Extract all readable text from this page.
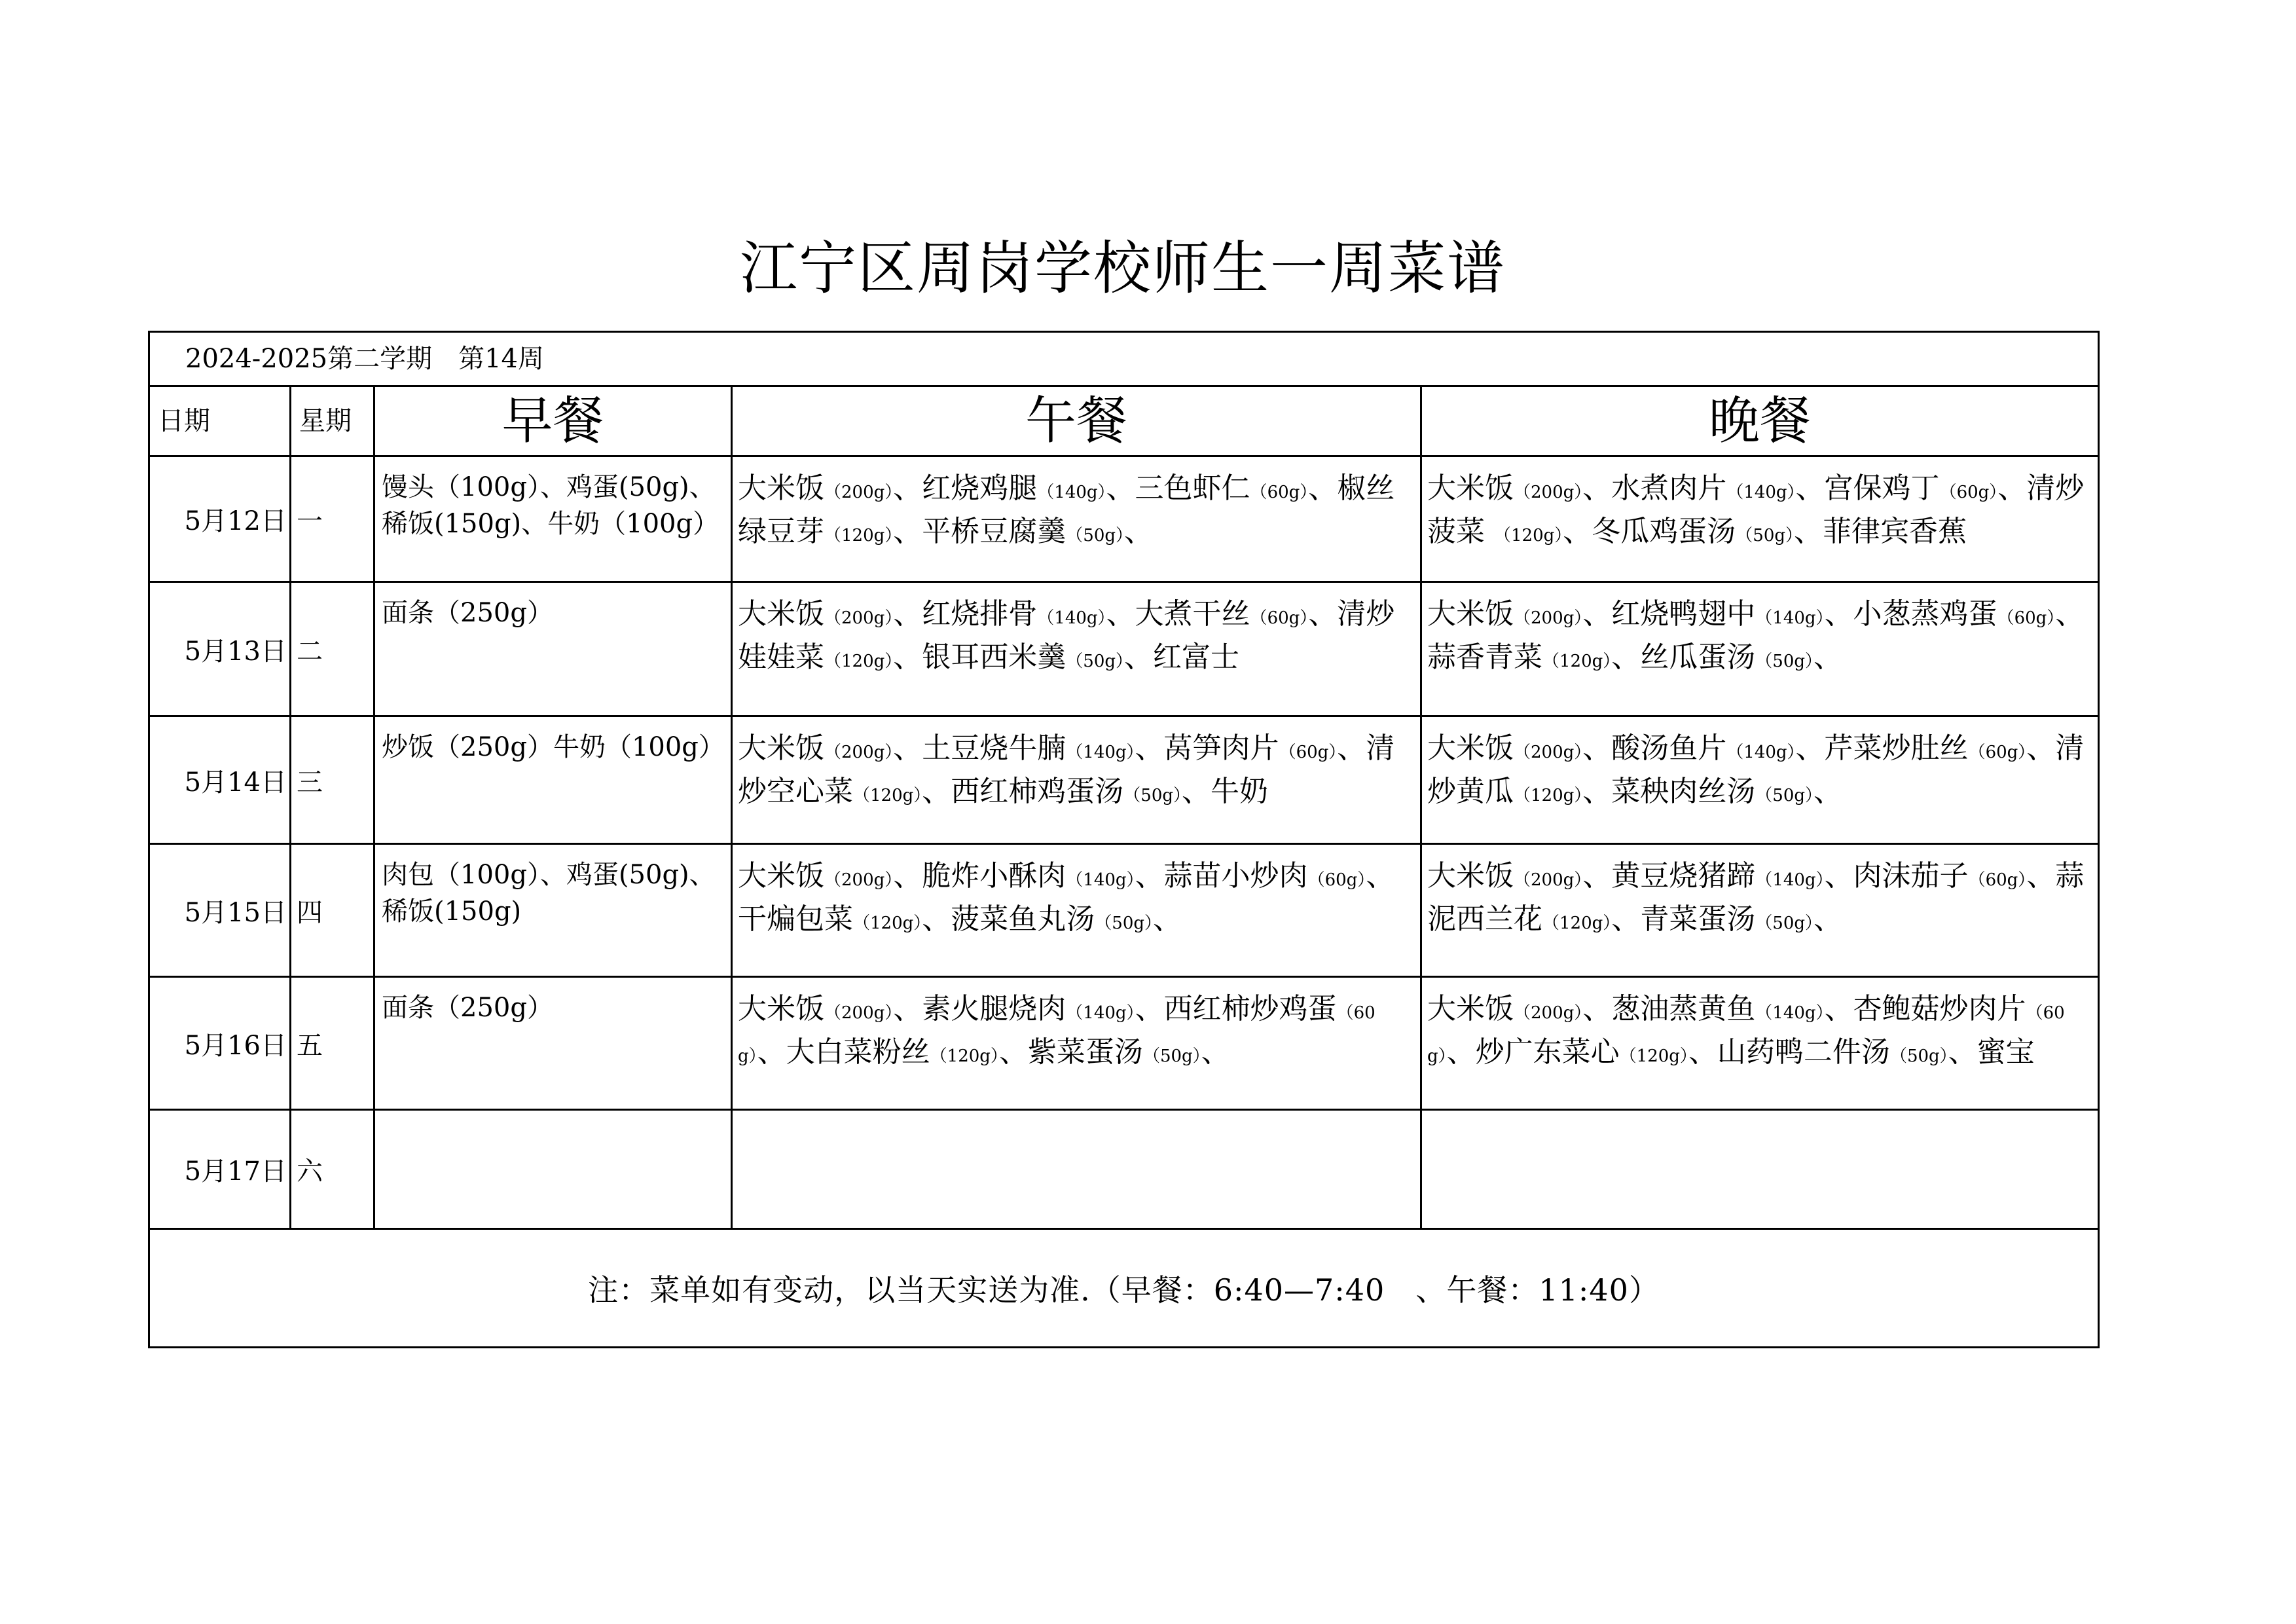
江宁区周岗学校师生一周菜谱
2024-2025第二学期　第14周				
日期	星期	早餐	午餐	晚餐
5月12日	一	馒头（100g）、鸡蛋(50g)、稀饭(150g)、牛奶（100g）	大米饭（200g）、红烧鸡腿（140g）、三色虾仁（60g）、椒丝绿豆芽（120g）、平桥豆腐羹（50g）、	大米饭（200g）、水煮肉片（140g）、宫保鸡丁（60g）、清炒菠菜 （120g）、冬瓜鸡蛋汤（50g）、菲律宾香蕉
5月13日	二	面条（250g）	大米饭（200g）、红烧排骨（140g）、大煮干丝（60g）、清炒娃娃菜（120g）、银耳西米羹（50g）、红富士	大米饭（200g）、红烧鸭翅中（140g）、小葱蒸鸡蛋（60g）、蒜香青菜（120g）、丝瓜蛋汤（50g）、
5月14日	三	炒饭（250g）牛奶（100g）	大米饭（200g）、土豆烧牛腩（140g）、莴笋肉片（60g）、清炒空心菜（120g）、西红柿鸡蛋汤（50g）、牛奶	大米饭（200g）、酸汤鱼片（140g）、芹菜炒肚丝（60g）、清炒黄瓜（120g）、菜秧肉丝汤（50g）、
5月15日	四	肉包（100g）、鸡蛋(50g)、稀饭(150g)	大米饭（200g）、脆炸小酥肉（140g）、蒜苗小炒肉（60g）、干煸包菜（120g）、菠菜鱼丸汤（50g）、	大米饭（200g）、黄豆烧猪蹄（140g）、肉沫茄子（60g）、蒜泥西兰花（120g）、青菜蛋汤（50g）、
5月16日	五	面条（250g）	大米饭（200g）、素火腿烧肉（140g）、西红柿炒鸡蛋（60g）、大白菜粉丝（120g）、紫菜蛋汤（50g）、	大米饭（200g）、葱油蒸黄鱼（140g）、杏鲍菇炒肉片（60g）、炒广东菜心（120g）、山药鸭二件汤（50g）、蜜宝
5月17日	六			
注：菜单如有变动，以当天实送为准.（早餐：6:40—7:40　、午餐：11:40）				
